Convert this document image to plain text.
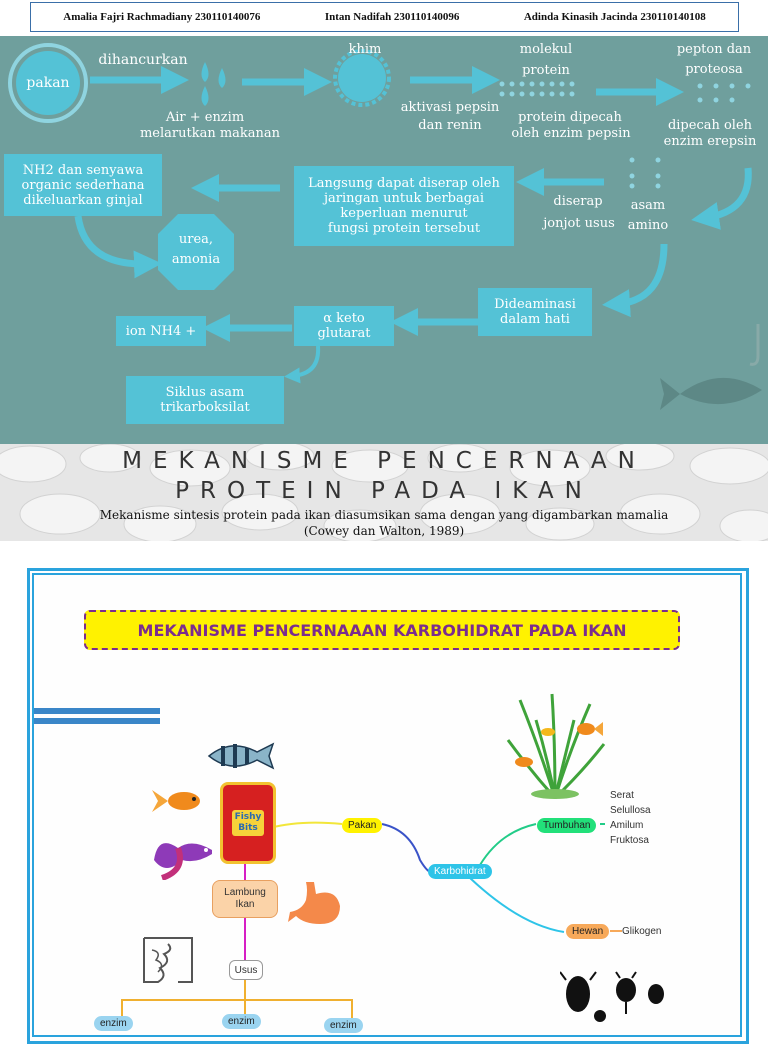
Amalia Fajri Rachmadiany 230110140076	Intan Nadifah 230110140096	Adinda Kinasih Jacinda 230110140108
pakan
dihancurkan
Air + enzim
melarutkan makanan
khim	molekul
protein
aktivasi pepsin
dan renin
protein dipecah
oleh enzim pepsin
pepton dan
proteosa
dipecah oleh
enzim erepsin
NH2 dan senyawa
organic sederhana
dikeluarkan ginjal
Langsung dapat diserap oleh
jaringan untuk berbagai
keperluan menurut
fungsi protein tersebut
diserap
jonjot usus
asam
amino
urea,
amonia
Dideaminasi
dalam hati
α keto
glutarat
ion NH4 +
Siklus asam
trikarboksilat
MEKANISME PENCERNAAN
PROTEIN PADA IKAN
Mekanisme sintesis protein pada ikan diasumsikan sama dengan yang digambarkan mamalia
(Cowey dan Walton, 1989)
MEKANISME PENCERNAAAN KARBOHIDRAT PADA IKAN
Fishy
Bits	Pakan
Karbohidrat
Tumbuhan
Hewan	Glikogen
Serat
Selullosa
Amilum
Fruktosa
Lambung
Ikan
Usus
enzim	enzim	enzim
